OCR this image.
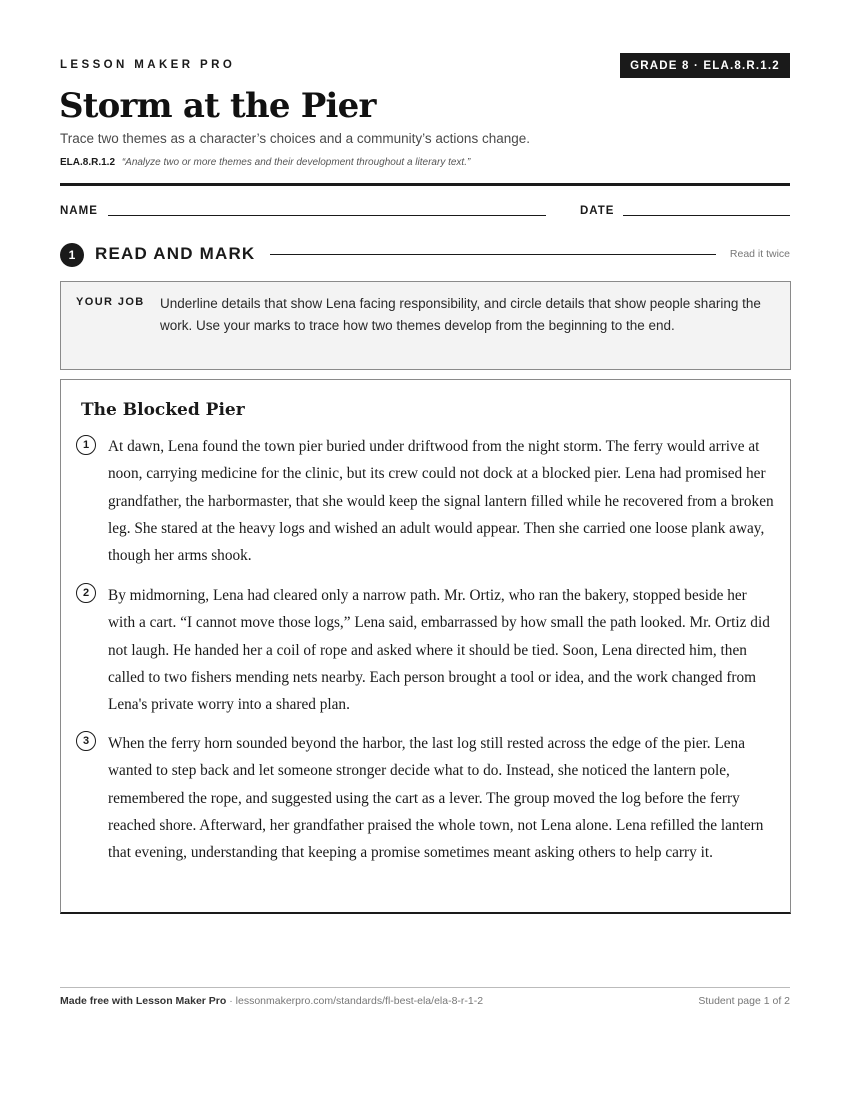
LESSON MAKER PRO	GRADE 8 · ELA.8.R.1.2
Storm at the Pier
Trace two themes as a character’s choices and a community’s actions change.
ELA.8.R.1.2 “Analyze two or more themes and their development throughout a literary text.”
NAME	DATE
1	READ AND MARK	Read it twice
YOUR JOB Underline details that show Lena facing responsibility, and circle details that show people sharing the work. Use your marks to trace how two themes develop from the beginning to the end.
The Blocked Pier
1	At dawn, Lena found the town pier buried under driftwood from the night storm. The ferry would arrive at noon, carrying medicine for the clinic, but its crew could not dock at a blocked pier. Lena had promised her grandfather, the harbormaster, that she would keep the signal lantern filled while he recovered from a broken leg. She stared at the heavy logs and wished an adult would appear. Then she carried one loose plank away, though her arms shook.
2	By midmorning, Lena had cleared only a narrow path. Mr. Ortiz, who ran the bakery, stopped beside her with a cart. “I cannot move those logs,” Lena said, embarrassed by how small the path looked. Mr. Ortiz did not laugh. He handed her a coil of rope and asked where it should be tied. Soon, Lena directed him, then called to two fishers mending nets nearby. Each person brought a tool or idea, and the work changed from Lena's private worry into a shared plan.
3	When the ferry horn sounded beyond the harbor, the last log still rested across the edge of the pier. Lena wanted to step back and let someone stronger decide what to do. Instead, she noticed the lantern pole, remembered the rope, and suggested using the cart as a lever. The group moved the log before the ferry reached shore. Afterward, her grandfather praised the whole town, not Lena alone. Lena refilled the lantern that evening, understanding that keeping a promise sometimes meant asking others to help carry it.
Made free with Lesson Maker Pro · lessonmakerpro.com/standards/fl-best-ela/ela-8-r-1-2	Student page 1 of 2
